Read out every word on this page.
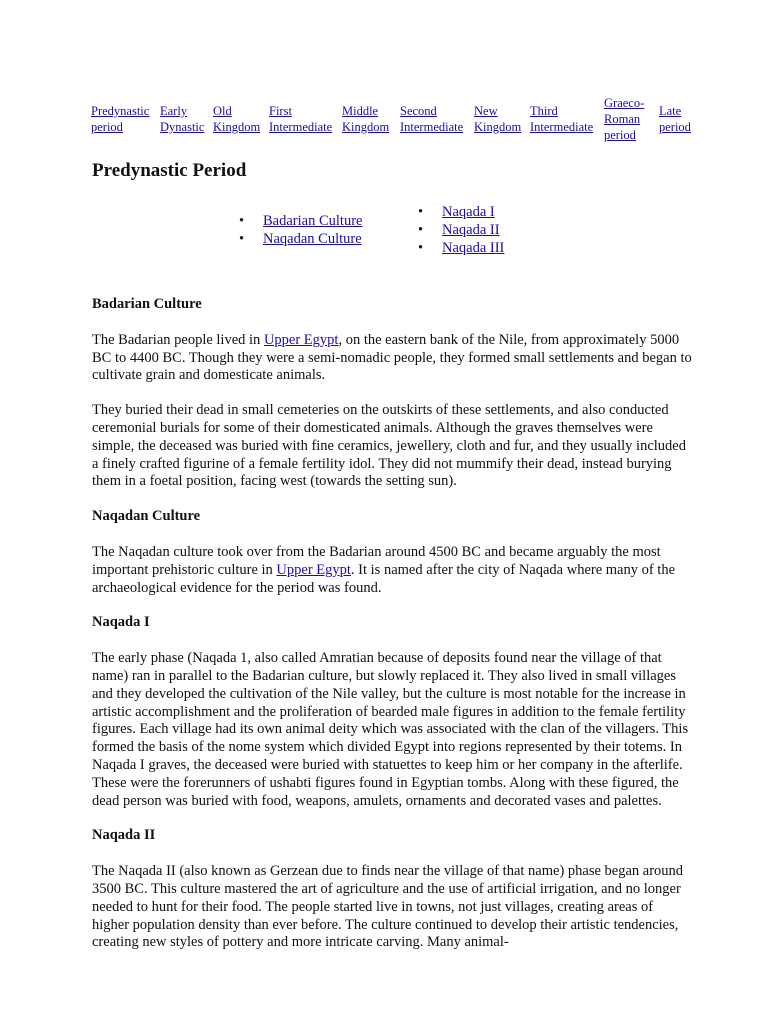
Predynastic
period
Early
Dynastic
Old
Kingdom
First
Intermediate
Middle
Kingdom
Second
Intermediate
New
Kingdom
Third
Intermediate
Graeco-
Roman
period
Late
period
Predynastic Period
• Badarian Culture
• Naqadan Culture
• Naqada I
• Naqada II
• Naqada III
Badarian Culture

The Badarian people lived in Upper Egypt, on the eastern bank of the Nile, from approximately 5000 BC to 4400 BC. Though they were a semi-nomadic people, they formed small settlements and began to cultivate grain and domesticate animals.

They buried their dead in small cemeteries on the outskirts of these settlements, and also conducted ceremonial burials for some of their domesticated animals. Although the graves themselves were simple, the deceased was buried with fine ceramics, jewellery, cloth and fur, and they usually included a finely crafted figurine of a female fertility idol. They did not mummify their dead, instead burying them in a foetal position, facing west (towards the setting sun).

Naqadan Culture

The Naqadan culture took over from the Badarian around 4500 BC and became arguably the most important prehistoric culture in Upper Egypt. It is named after the city of Naqada where many of the archaeological evidence for the period was found.

Naqada I

The early phase (Naqada 1, also called Amratian because of deposits found near the village of that name) ran in parallel to the Badarian culture, but slowly replaced it. They also lived in small villages and they developed the cultivation of the Nile valley, but the culture is most notable for the increase in artistic accomplishment and the proliferation of bearded male figures in addition to the female fertility figures. Each village had its own animal deity which was associated with the clan of the villagers. This formed the basis of the nome system which divided Egypt into regions represented by their totems. In Naqada I graves, the deceased were buried with statuettes to keep him or her company in the afterlife. These were the forerunners of ushabti figures found in Egyptian tombs. Along with these figured, the dead person was buried with food, weapons, amulets, ornaments and decorated vases and palettes.

Naqada II

The Naqada II (also known as Gerzean due to finds near the village of that name) phase began around 3500 BC. This culture mastered the art of agriculture and the use of artificial irrigation, and no longer needed to hunt for their food. The people started live in towns, not just villages, creating areas of higher population density than ever before. The culture continued to develop their artistic tendencies, creating new styles of pottery and more intricate carving. Many animal-
